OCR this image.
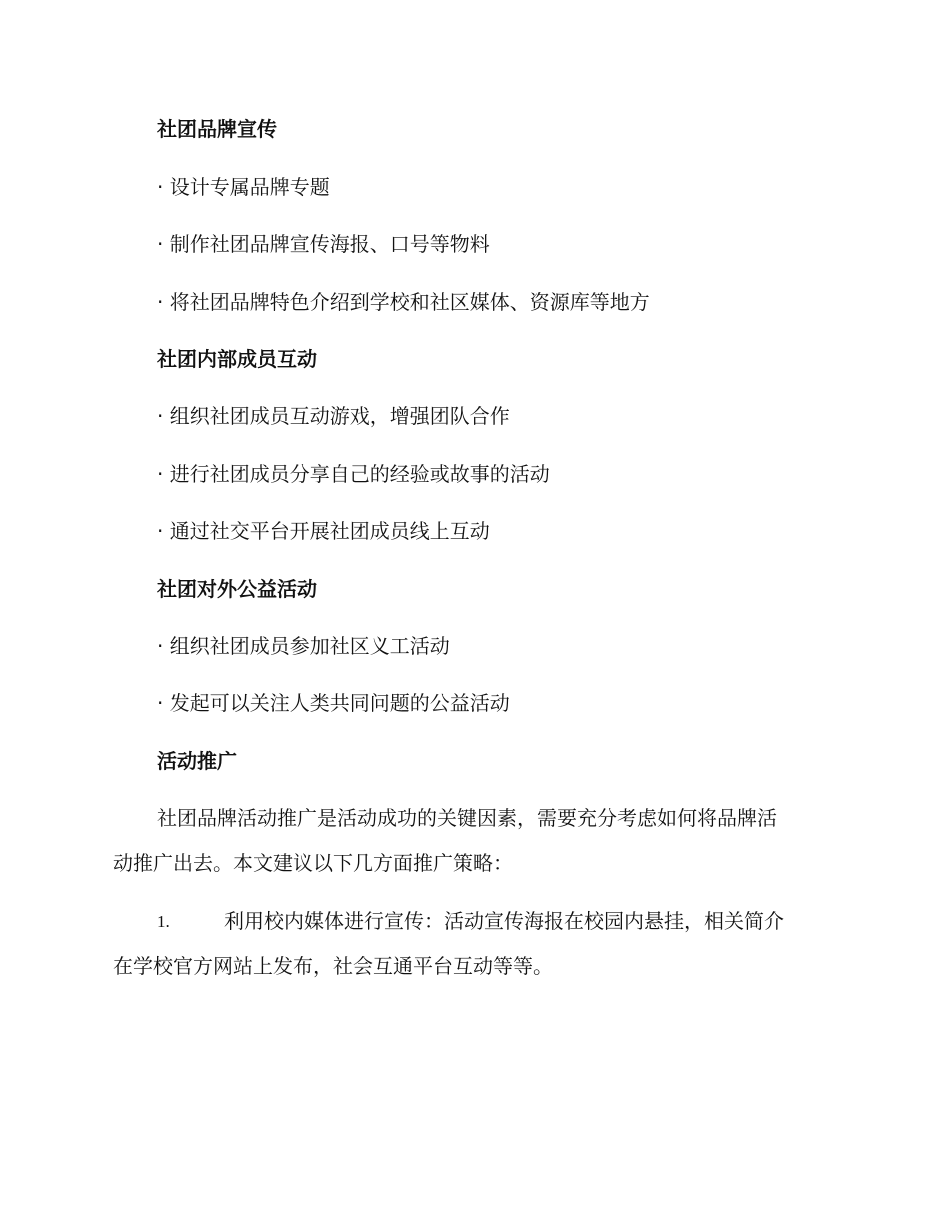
社团品牌宣传
· 设计专属品牌专题
· 制作社团品牌宣传海报、口号等物料
· 将社团品牌特色介绍到学校和社区媒体、资源库等地方
社团内部成员互动
· 组织社团成员互动游戏，增强团队合作
· 进行社团成员分享自己的经验或故事的活动
· 通过社交平台开展社团成员线上互动
社团对外公益活动
· 组织社团成员参加社区义工活动
· 发起可以关注人类共同问题的公益活动
活动推广
社团品牌活动推广是活动成功的关键因素，需要充分考虑如何将品牌活
动推广出去。本文建议以下几方面推广策略：
1.	利用校内媒体进行宣传：活动宣传海报在校园内悬挂，相关简介
在学校官方网站上发布，社会互通平台互动等等。
